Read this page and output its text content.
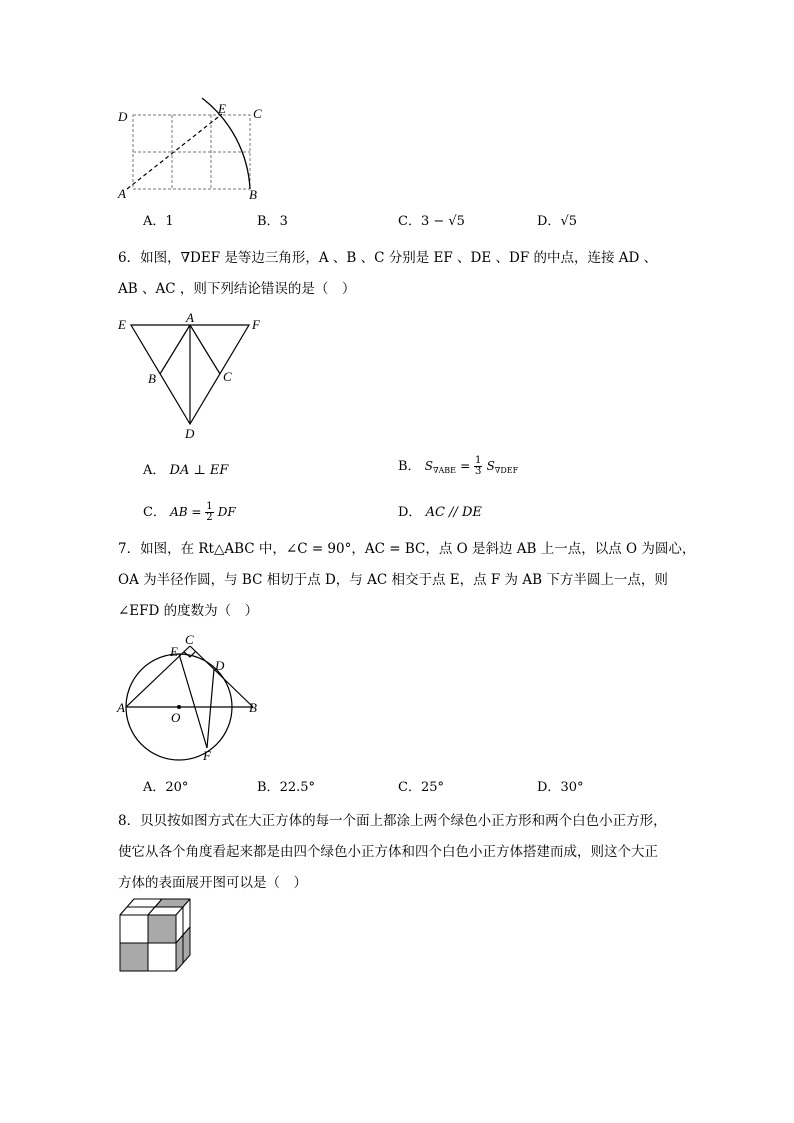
D
E C
A	B
A．1	B．3	C．3 − √5	D．√5
6．如图，∇DEF 是等边三角形，A 、B 、C 分别是 EF 、DE 、DF 的中点，连接 AD 、
AB 、AC ，则下列结论错误的是（　）
E	A	F
B	C
D
A． DA ⊥ EF	B． $S_{\nabla ABE} = \frac{1}{3} S_{\nabla DEF}$
C． AB = $\frac{1}{2}$ DF	D． AC // DE
7．如图，在 Rt△ABC 中，∠C = 90°，AC = BC，点 O 是斜边 AB 上一点，以点 O 为圆心，
OA 为半径作圆，与 BC 相切于点 D，与 AC 相交于点 E，点 F 为 AB 下方半圆上一点，则
∠EFD 的度数为（　）
C
E
D
A
O
B
F
A．20°	B．22.5°	C．25°	D．30°
8．贝贝按如图方式在大正方体的每一个面上都涂上两个绿色小正方形和两个白色小正方形，
使它从各个角度看起来都是由四个绿色小正方体和四个白色小正方体搭建而成，则这个大正
方体的表面展开图可以是（　）
